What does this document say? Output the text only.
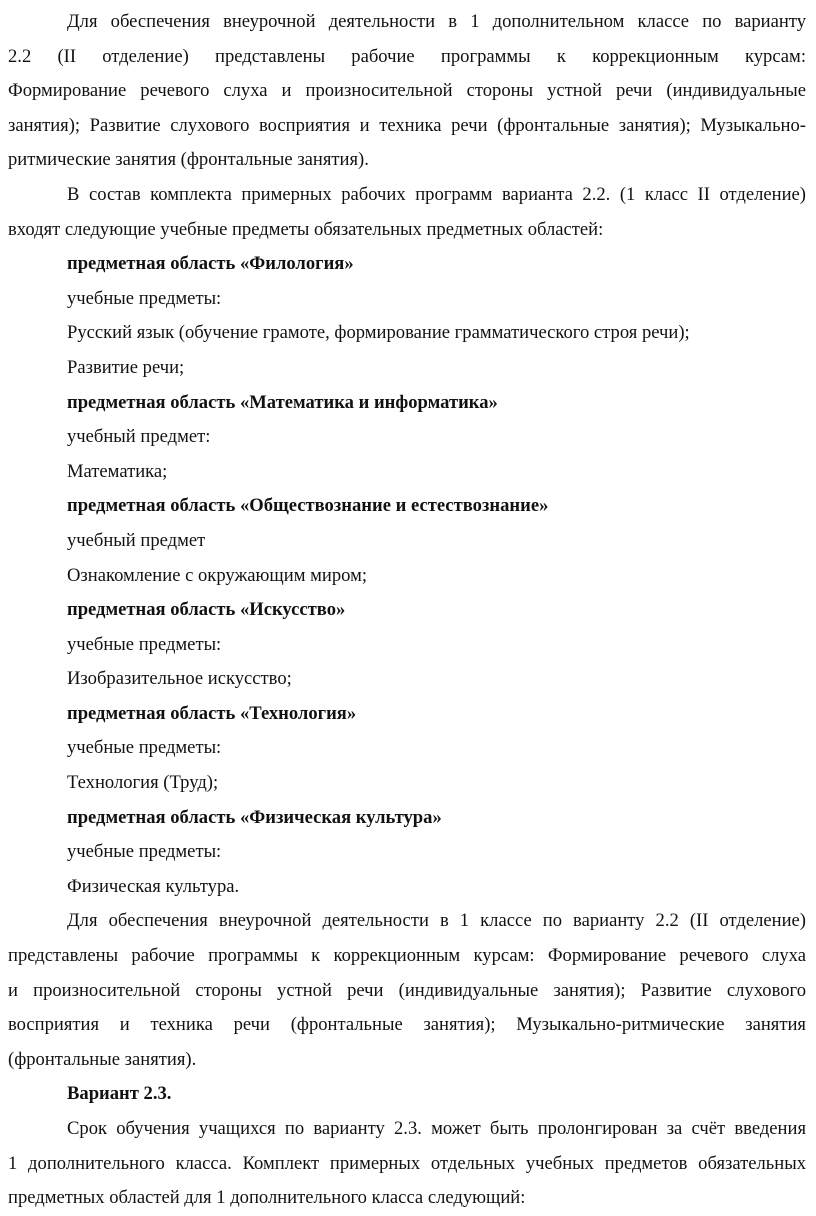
Для обеспечения внеурочной деятельности в 1 дополнительном классе по варианту
2.2 (II отделение) представлены рабочие программы к коррекционным курсам:
Формирование речевого слуха и произносительной стороны устной речи (индивидуальные
занятия); Развитие слухового восприятия и техника речи (фронтальные занятия); Музыкально-
ритмические занятия (фронтальные занятия).
В состав комплекта примерных рабочих программ варианта 2.2. (1 класс II отделение)
входят следующие учебные предметы обязательных предметных областей:
предметная область «Филология»
учебные предметы:
Русский язык (обучение грамоте, формирование грамматического строя речи);
Развитие речи;
предметная область «Математика и информатика»
учебный предмет:
Математика;
предметная область «Обществознание и естествознание»
учебный предмет
Ознакомление с окружающим миром;
предметная область «Искусство»
учебные предметы:
Изобразительное искусство;
предметная область «Технология»
учебные предметы:
Технология (Труд);
предметная область «Физическая культура»
учебные предметы:
Физическая культура.
Для обеспечения внеурочной деятельности в 1 классе по варианту 2.2 (II отделение)
представлены рабочие программы к коррекционным курсам: Формирование речевого слуха
и произносительной стороны устной речи (индивидуальные занятия); Развитие слухового
восприятия и техника речи (фронтальные занятия); Музыкально-ритмические занятия
(фронтальные занятия).
Вариант 2.3.
Срок обучения учащихся по варианту 2.3. может быть пролонгирован за счёт введения
1 дополнительного класса. Комплект примерных отдельных учебных предметов обязательных
предметных областей для 1 дополнительного класса следующий:
